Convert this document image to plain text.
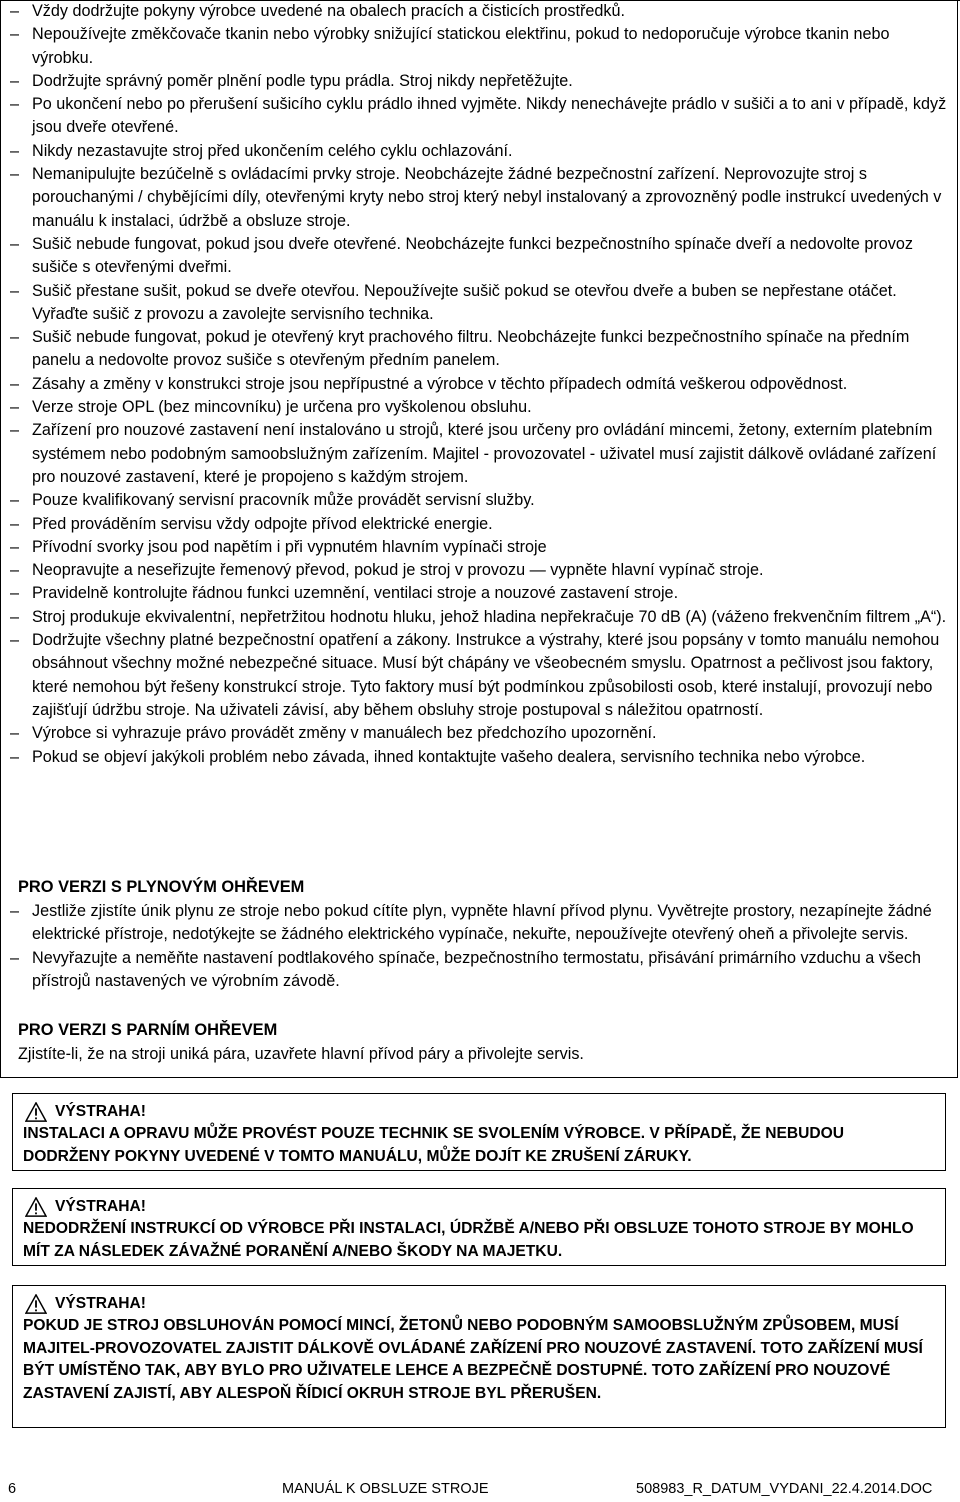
– Vždy dodržujte pokyny výrobce uvedené na obalech pracích a čisticích prostředků.
– Nepoužívejte změkčovače tkanin nebo výrobky snižující statickou elektřinu, pokud to nedoporučuje výrobce tkanin nebo výrobku.
– Dodržujte správný poměr plnění podle typu prádla. Stroj nikdy nepřetěžujte.
– Po ukončení nebo po přerušení sušicího cyklu prádlo ihned vyjměte. Nikdy nenechávejte prádlo v sušiči a to ani v případě, když jsou dveře otevřené.
– Nikdy nezastavujte stroj před ukončením celého cyklu ochlazování.
– Nemanipulujte bezúčelně s ovládacími prvky stroje. Neobcházejte žádné bezpečnostní zařízení. Neprovozujte stroj s porouchanými / chybějícími díly, otevřenými kryty nebo stroj který nebyl instalovaný a zprovozněný podle instrukcí uvedených v manuálu k instalaci, údržbě a obsluze stroje.
– Sušič nebude fungovat, pokud jsou dveře otevřené. Neobcházejte funkci bezpečnostního spínače dveří a nedovolte provoz sušiče s otevřenými dveřmi.
– Sušič přestane sušit, pokud se dveře otevřou. Nepoužívejte sušič pokud se otevřou dveře a buben se nepřestane otáčet. Vyřaďte sušič z provozu a zavolejte servisního technika.
– Sušič nebude fungovat, pokud je otevřený kryt prachového filtru. Neobcházejte funkci bezpečnostního spínače na předním panelu a nedovolte provoz sušiče s otevřeným předním panelem.
– Zásahy a změny v konstrukci stroje jsou nepřípustné a výrobce v těchto případech odmítá veškerou odpovědnost.
– Verze stroje OPL (bez mincovníku) je určena pro vyškolenou obsluhu.
– Zařízení pro nouzové zastavení není instalováno u strojů, které jsou určeny pro ovládání mincemi, žetony, externím platebním systémem nebo podobným samoobslužným zařízením. Majitel - provozovatel - uživatel musí zajistit dálkově ovládané zařízení pro nouzové zastavení, které je propojeno s každým strojem.
– Pouze kvalifikovaný servisní pracovník může provádět servisní služby.
– Před prováděním servisu vždy odpojte přívod elektrické energie.
– Přívodní svorky jsou pod napětím i při vypnutém hlavním vypínači stroje
– Neopravujte a neseřizujte řemenový převod, pokud je stroj v provozu — vypněte hlavní vypínač stroje.
– Pravidelně kontrolujte řádnou funkci uzemnění, ventilaci stroje a nouzové zastavení stroje.
– Stroj produkuje ekvivalentní, nepřetržitou hodnotu hluku, jehož hladina nepřekračuje 70 dB (A) (váženo frekvenčním filtrem „A“).
– Dodržujte všechny platné bezpečnostní opatření a zákony. Instrukce a výstrahy, které jsou popsány v tomto manuálu nemohou obsáhnout všechny možné nebezpečné situace. Musí být chápány ve všeobecném smyslu. Opatrnost a pečlivost jsou faktory, které nemohou být řešeny konstrukcí stroje. Tyto faktory musí být podmínkou způsobilosti osob, které instalují, provozují nebo zajišťují údržbu stroje. Na uživateli závisí, aby během obsluhy stroje postupoval s náležitou opatrností.
– Výrobce si vyhrazuje právo provádět změny v manuálech bez předchozího upozornění.
– Pokud se objeví jakýkoli problém nebo závada, ihned kontaktujte vašeho dealera, servisního technika nebo výrobce.
PRO VERZI S PLYNOVÝM OHŘEVEM
– Jestliže zjistíte únik plynu ze stroje nebo pokud cítíte plyn, vypněte hlavní přívod plynu. Vyvětrejte prostory, nezapínejte žádné elektrické přístroje, nedotýkejte se žádného elektrického vypínače, nekuřte, nepoužívejte otevřený oheň a přivolejte servis.
– Nevyřazujte a neměňte nastavení podtlakového spínače, bezpečnostního termostatu, přisávání primárního vzduchu a všech přístrojů nastavených ve výrobním závodě.
PRO VERZI S PARNÍM OHŘEVEM
Zjistíte-li, že na stroji uniká pára, uzavřete hlavní přívod páry a přivolejte servis.
VÝSTRAHA!
INSTALACI A OPRAVU MŮŽE PROVÉST POUZE TECHNIK SE SVOLENÍM VÝROBCE. V PŘÍPADĚ, ŽE NEBUDOU DODRŽENY POKYNY UVEDENÉ V TOMTO MANUÁLU, MŮŽE DOJÍT KE ZRUŠENÍ ZÁRUKY.
VÝSTRAHA!
NEDODRŽENÍ INSTRUKCÍ OD VÝROBCE PŘI INSTALACI, ÚDRŽBĚ A/NEBO PŘI OBSLUZE TOHOTO STROJE BY MOHLO MÍT ZA NÁSLEDEK ZÁVAŽNÉ PORANĚNÍ A/NEBO ŠKODY NA MAJETKU.
VÝSTRAHA!
POKUD JE STROJ OBSLUHOVÁN POMOCÍ MINCÍ, ŽETONŮ NEBO PODOBNÝM SAMOOBSLUŽNÝM ZPŮSOBEM, MUSÍ MAJITEL-PROVOZOVATEL ZAJISTIT DÁLKOVĚ OVLÁDANÉ ZAŘÍZENÍ PRO NOUZOVÉ ZASTAVENÍ. TOTO ZAŘÍZENÍ MUSÍ BÝT UMÍSTĚNO TAK, ABY BYLO PRO UŽIVATELE LEHCE A BEZPEČNĚ DOSTUPNÉ. TOTO ZAŘÍZENÍ PRO NOUZOVÉ ZASTAVENÍ ZAJISTÍ, ABY ALESPOŇ ŘÍDICÍ OKRUH STROJE BYL PŘERUŠEN.
6	MANUÁL K OBSLUZE STROJE	508983_R_DATUM_VYDANI_22.4.2014.DOC
